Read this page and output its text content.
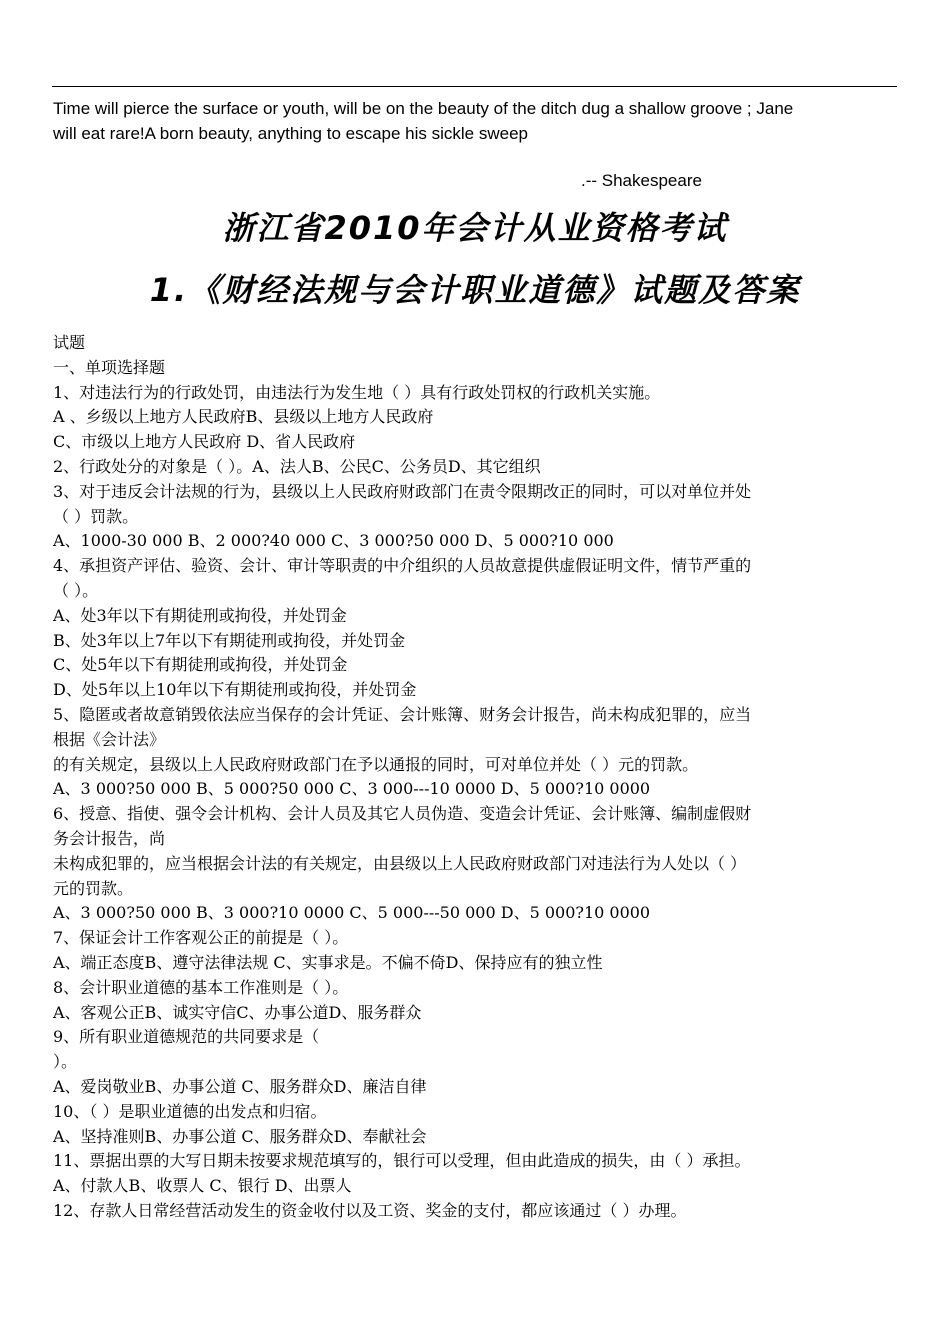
Time will pierce the surface or youth, will be on the beauty of the ditch dug a shallow groove ; Jane
will eat rare!A born beauty, anything to escape his sickle sweep
.-- Shakespeare
浙江省2010年会计从业资格考试
1.《财经法规与会计职业道德》试题及答案
试题
一、单项选择题
1、对违法行为的行政处罚，由违法行为发生地（ ）具有行政处罚权的行政机关实施。
A 、乡级以上地方人民政府B、县级以上地方人民政府
C、市级以上地方人民政府 D、省人民政府
2、行政处分的对象是（ ）。A、法人B、公民C、公务员D、其它组织
3、对于违反会计法规的行为，县级以上人民政府财政部门在责令限期改正的同时，可以对单位并处
（ ）罚款。
A、1000-30 000 B、2 000?40 000 C、3 000?50 000 D、5 000?10 000
4、承担资产评估、验资、会计、审计等职责的中介组织的人员故意提供虚假证明文件，情节严重的
（ ）。
A、处3年以下有期徒刑或拘役，并处罚金
B、处3年以上7年以下有期徒刑或拘役，并处罚金
C、处5年以下有期徒刑或拘役，并处罚金
D、处5年以上10年以下有期徒刑或拘役，并处罚金
5、隐匿或者故意销毁依法应当保存的会计凭证、会计账簿、财务会计报告，尚未构成犯罪的，应当
根据《会计法》
的有关规定，县级以上人民政府财政部门在予以通报的同时，可对单位并处（ ）元的罚款。
A、3 000?50 000 B、5 000?50 000 C、3 000---10 0000 D、5 000?10 0000
6、授意、指使、强令会计机构、会计人员及其它人员伪造、变造会计凭证、会计账簿、编制虚假财
务会计报告，尚
未构成犯罪的，应当根据会计法的有关规定，由县级以上人民政府财政部门对违法行为人处以（ ）
元的罚款。
A、3 000?50 000 B、3 000?10 0000 C、5 000---50 000 D、5 000?10 0000
7、保证会计工作客观公正的前提是（ ）。
A、端正态度B、遵守法律法规 C、实事求是。不偏不倚D、保持应有的独立性
8、会计职业道德的基本工作准则是（ ）。
A、客观公正B、诚实守信C、办事公道D、服务群众
9、所有职业道德规范的共同要求是（
）。
A、爱岗敬业B、办事公道 C、服务群众D、廉洁自律
10、（ ）是职业道德的出发点和归宿。
A、坚持准则B、办事公道 C、服务群众D、奉献社会
11、票据出票的大写日期未按要求规范填写的，银行可以受理，但由此造成的损失，由（ ）承担。
A、付款人B、收票人 C、银行 D、出票人
12、存款人日常经营活动发生的资金收付以及工资、奖金的支付，都应该通过（ ）办理。
